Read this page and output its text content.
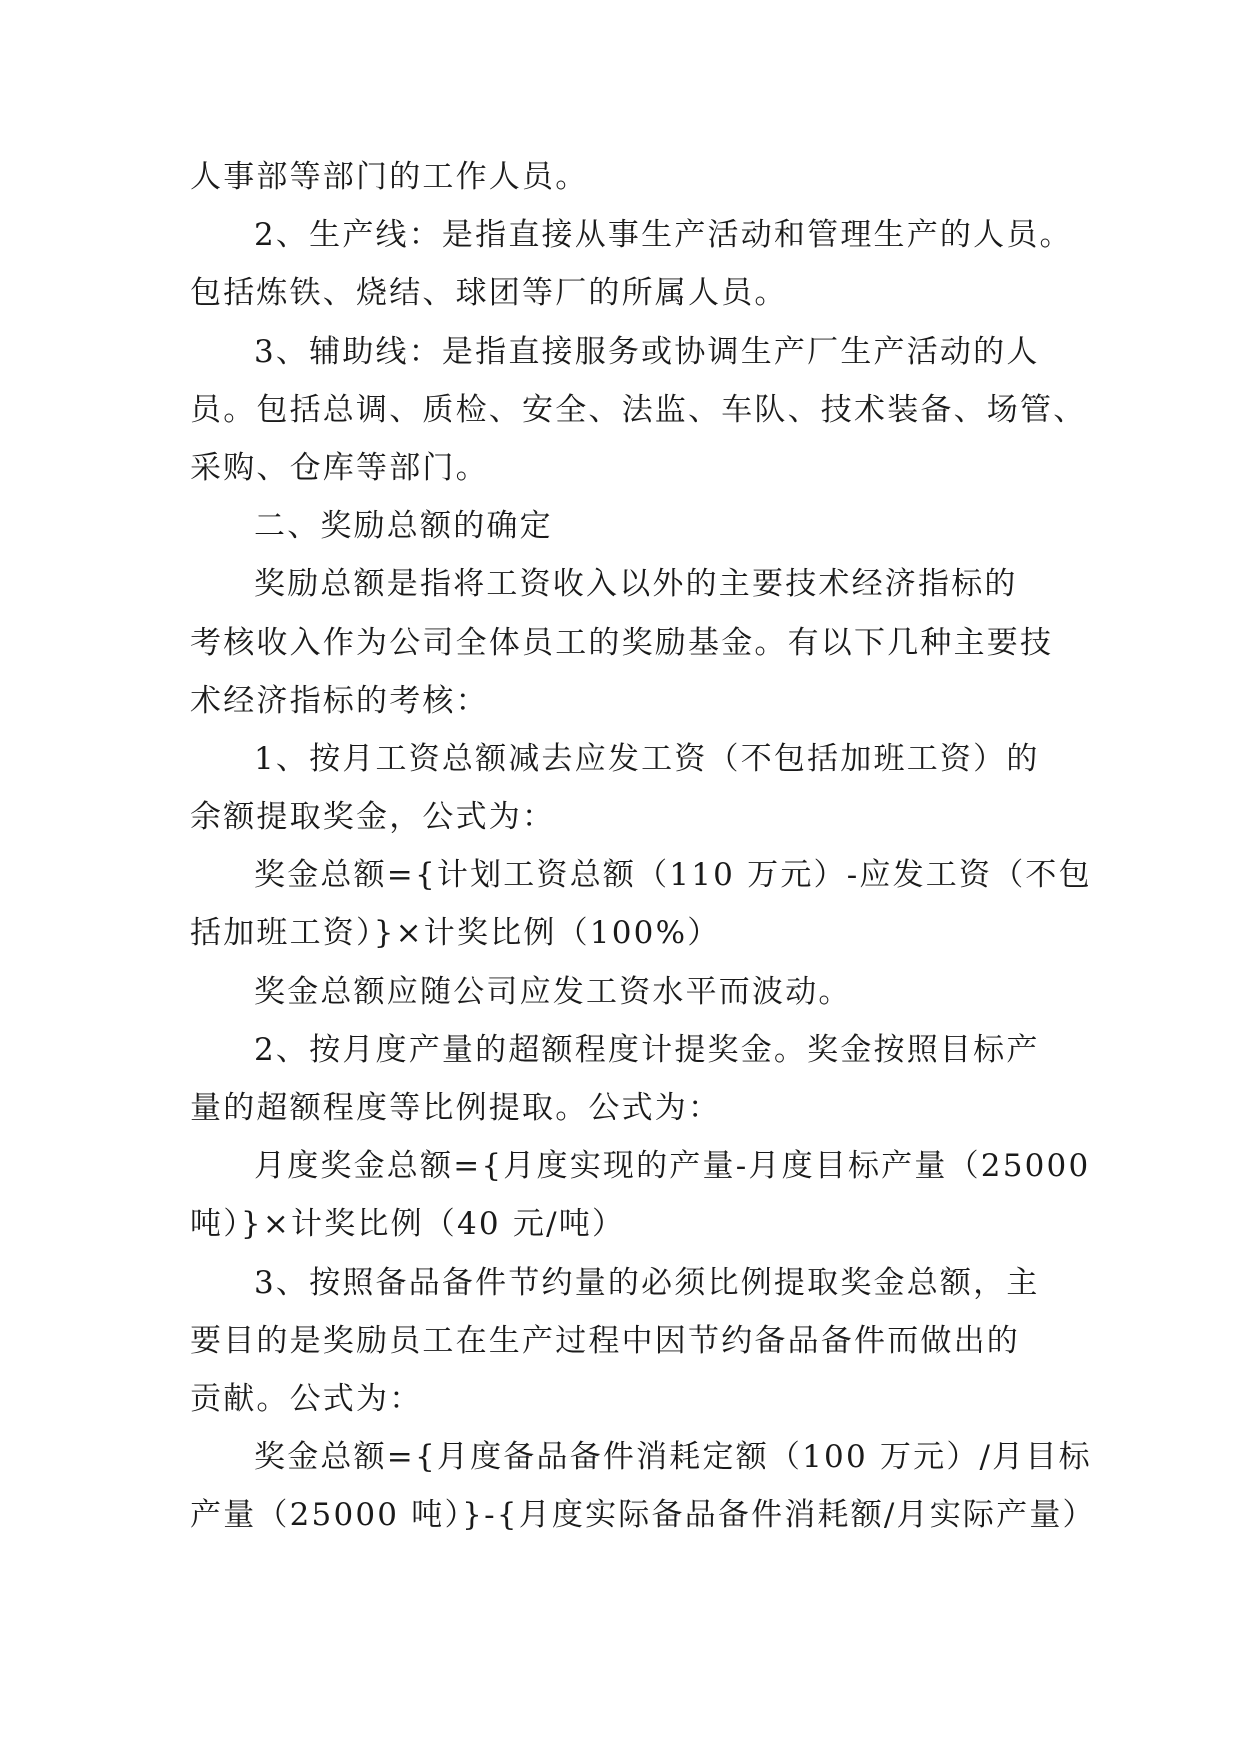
人事部等部门的工作人员。
2、生产线：是指直接从事生产活动和管理生产的人员。
包括炼铁、烧结、球团等厂的所属人员。
3、辅助线：是指直接服务或协调生产厂生产活动的人
员。包括总调、质检、安全、法监、车队、技术装备、场管、
采购、仓库等部门。
二、奖励总额的确定
奖励总额是指将工资收入以外的主要技术经济指标的
考核收入作为公司全体员工的奖励基金。有以下几种主要技
术经济指标的考核：
1、按月工资总额减去应发工资（不包括加班工资）的
余额提取奖金，公式为：
奖金总额={计划工资总额（110 万元）-应发工资（不包
括加班工资）}×计奖比例（100%）
奖金总额应随公司应发工资水平而波动。
2、按月度产量的超额程度计提奖金。奖金按照目标产
量的超额程度等比例提取。公式为：
月度奖金总额={月度实现的产量-月度目标产量（25000
吨）}×计奖比例（40 元/吨）
3、按照备品备件节约量的必须比例提取奖金总额，主
要目的是奖励员工在生产过程中因节约备品备件而做出的
贡献。公式为：
奖金总额={月度备品备件消耗定额（100 万元）/月目标
产量（25000 吨）}-{月度实际备品备件消耗额/月实际产量）
